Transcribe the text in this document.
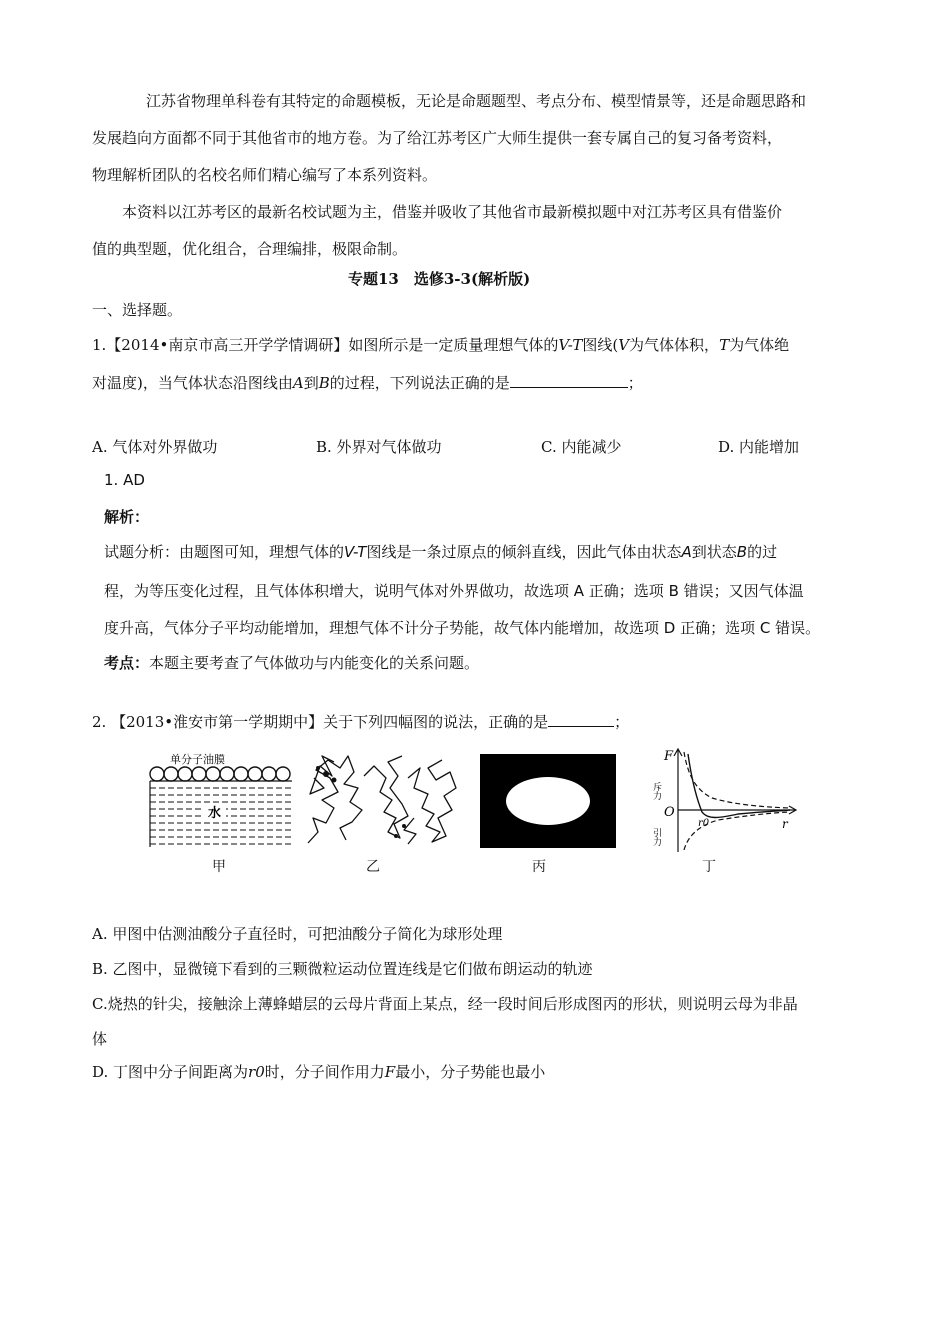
江苏省物理单科卷有其特定的命题模板，无论是命题题型、考点分布、模型情景等，还是命题思路和
发展趋向方面都不同于其他省市的地方卷。为了给江苏考区广大师生提供一套专属自己的复习备考资料，
物理解析团队的名校名师们精心编写了本系列资料。
本资料以江苏考区的最新名校试题为主，借鉴并吸收了其他省市最新模拟题中对江苏考区具有借鉴价
值的典型题，优化组合，合理编排，极限命制。
专题13　选修3-3(解析版)
一、选择题。
1.【2014•南京市高三开学学情调研】如图所示是一定质量理想气体的V-T图线(V为气体体积，T为气体绝
对温度)，当气体状态沿图线由A到B的过程，下列说法正确的是	；
A. 气体对外界做功	B. 外界对气体做功	C. 内能减少	D. 内能增加
1. AD
解析：
试题分析：由题图可知，理想气体的V-T图线是一条过原点的倾斜直线，因此气体由状态A到状态B的过
程，为等压变化过程，且气体体积增大，说明气体对外界做功，故选项 A 正确；选项 B 错误；又因气体温
度升高，气体分子平均动能增加，理想气体不计分子势能，故气体内能增加，故选项 D 正确；选项 C 错误。
考点：本题主要考查了气体做功与内能变化的关系问题。
2. 【2013•淮安市第一学期期中】关于下列四幅图的说法，正确的是	；
单分子油膜
水
甲	乙	丙
F
斥力
O
引力
r0	r
丁
A. 甲图中估测油酸分子直径时，可把油酸分子简化为球形处理
B. 乙图中，显微镜下看到的三颗微粒运动位置连线是它们做布朗运动的轨迹
C.烧热的针尖，接触涂上薄蜂蜡层的云母片背面上某点，经一段时间后形成图丙的形状，则说明云母为非晶
体
D. 丁图中分子间距离为r0时，分子间作用力F最小，分子势能也最小
